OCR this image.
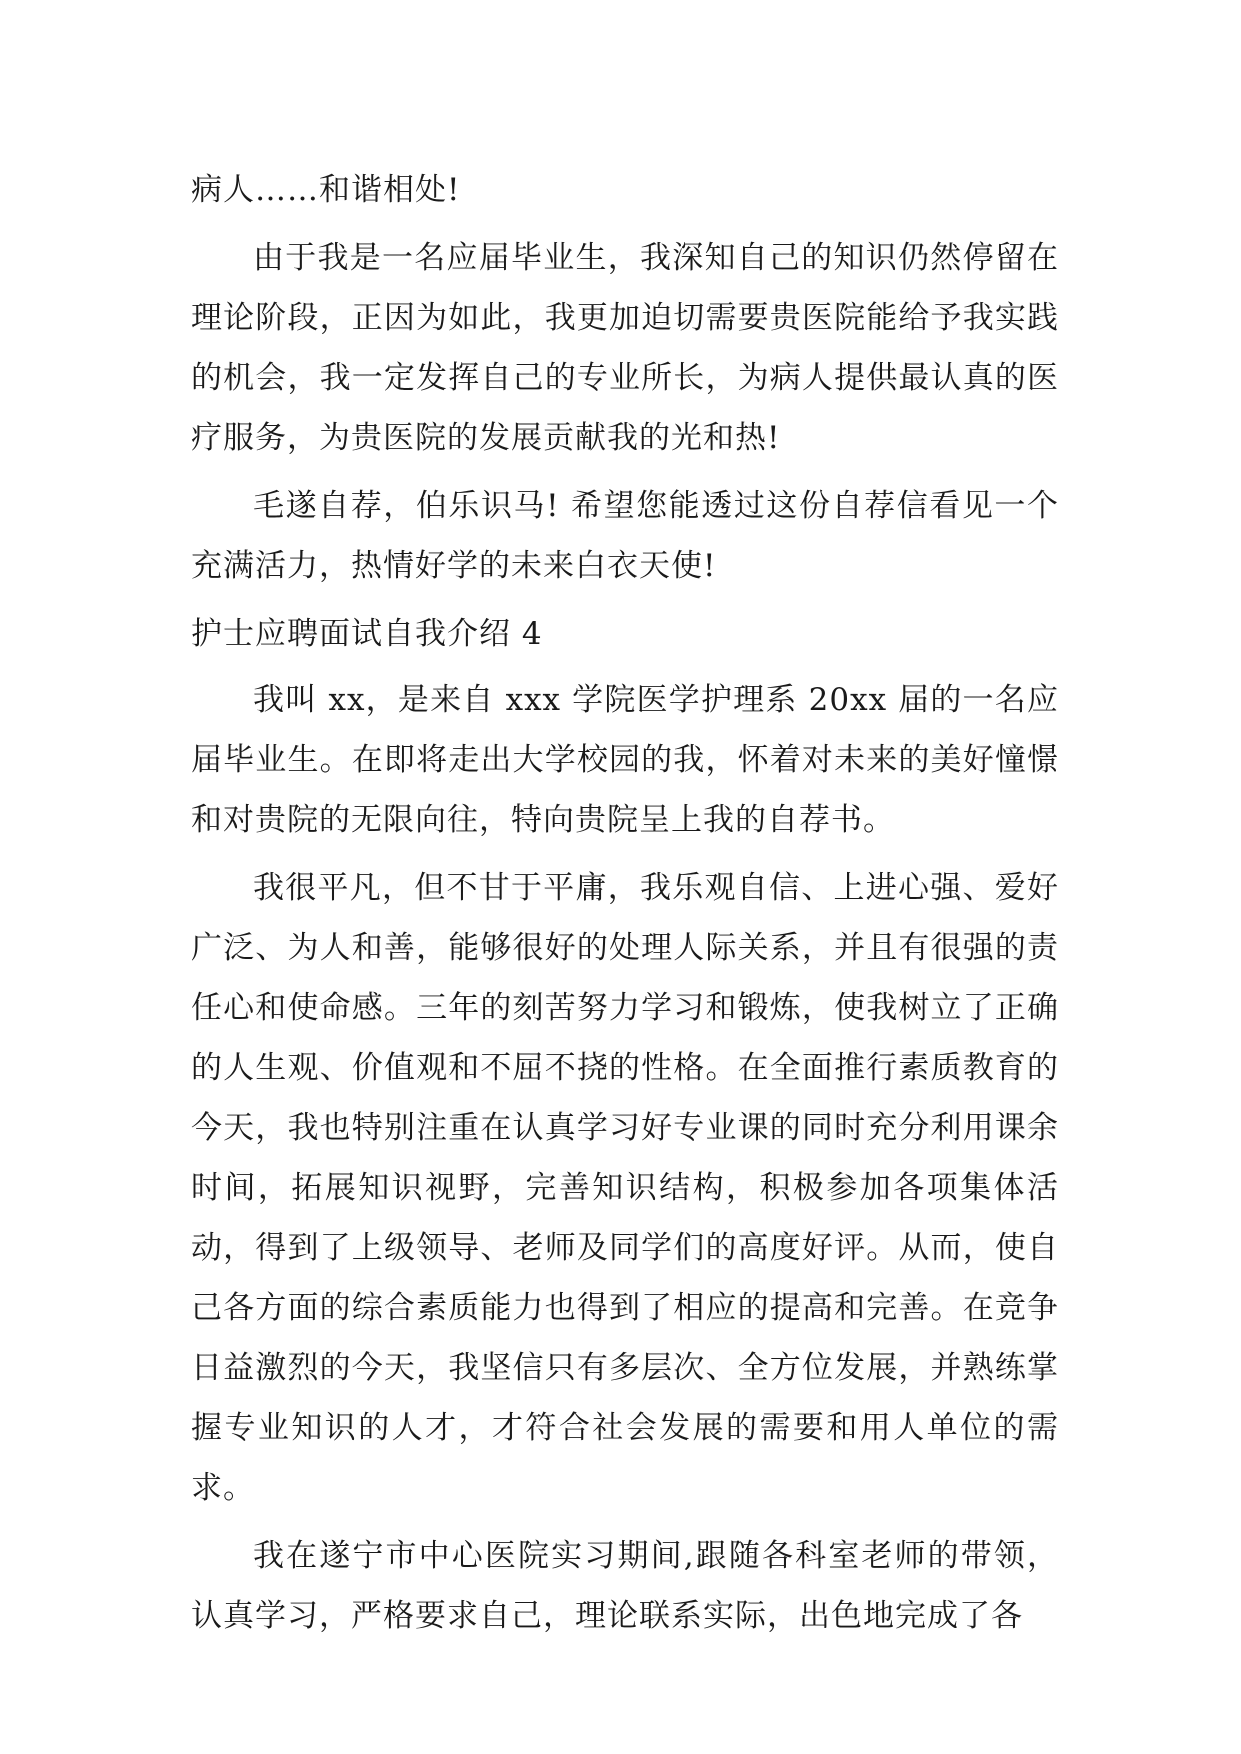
病人……和谐相处!

由于我是一名应届毕业生，我深知自己的知识仍然停留在理论阶段，正因为如此，我更加迫切需要贵医院能给予我实践的机会，我一定发挥自己的专业所长，为病人提供最认真的医疗服务，为贵医院的发展贡献我的光和热!

毛遂自荐，伯乐识马! 希望您能透过这份自荐信看见一个充满活力，热情好学的未来白衣天使!

护士应聘面试自我介绍 4

我叫 xx，是来自 xxx 学院医学护理系 20xx 届的一名应届毕业生。在即将走出大学校园的我，怀着对未来的美好憧憬和对贵院的无限向往，特向贵院呈上我的自荐书。

我很平凡，但不甘于平庸，我乐观自信、上进心强、爱好广泛、为人和善，能够很好的处理人际关系，并且有很强的责任心和使命感。三年的刻苦努力学习和锻炼，使我树立了正确的人生观、价值观和不屈不挠的性格。在全面推行素质教育的今天，我也特别注重在认真学习好专业课的同时充分利用课余时间，拓展知识视野，完善知识结构，积极参加各项集体活动，得到了上级领导、老师及同学们的高度好评。从而，使自己各方面的综合素质能力也得到了相应的提高和完善。在竞争日益激烈的今天，我坚信只有多层次、全方位发展，并熟练掌握专业知识的人才，才符合社会发展的需要和用人单位的需求。

我在遂宁市中心医院实习期间,跟随各科室老师的带领，认真学习，严格要求自己，理论联系实际，出色地完成了各
